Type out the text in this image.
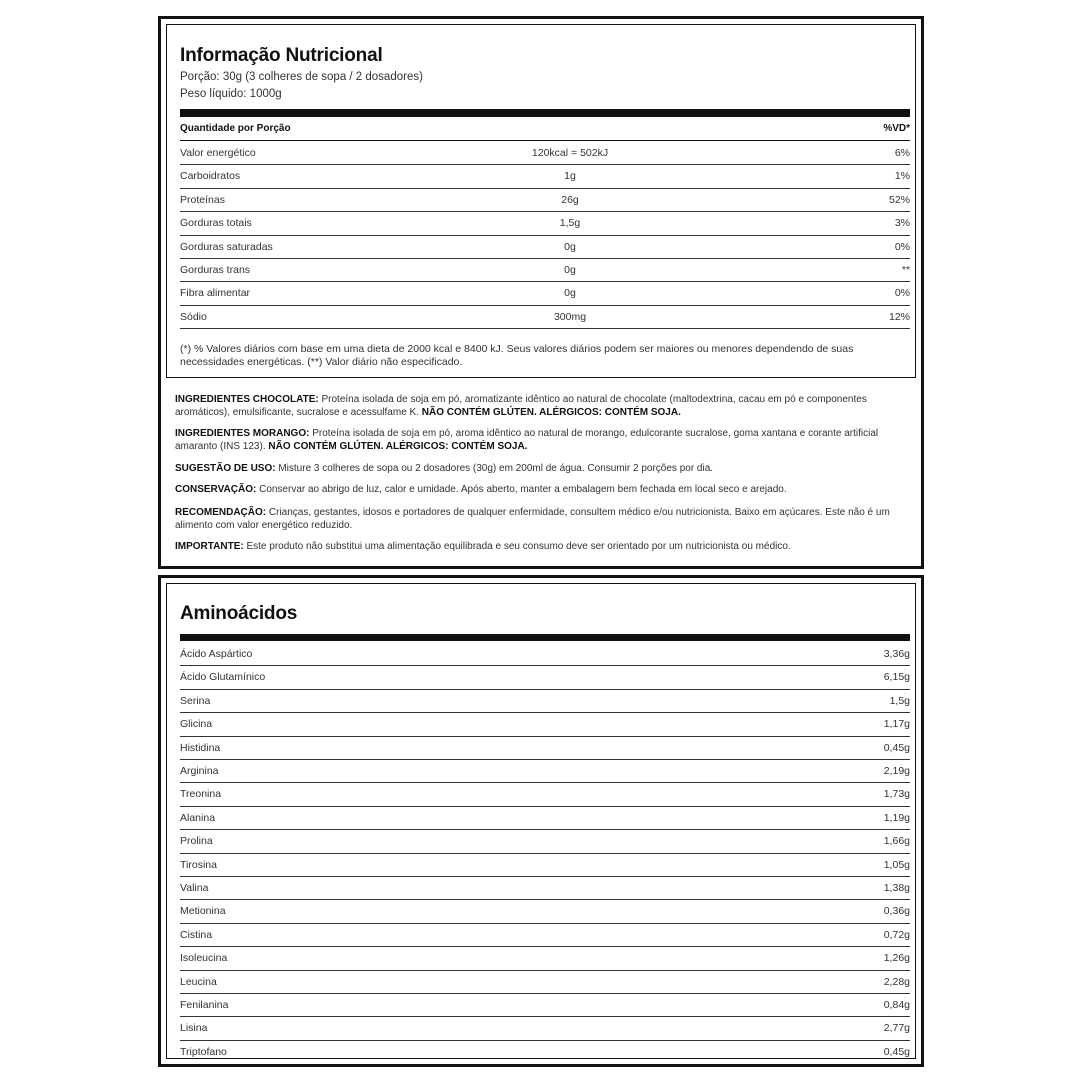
Informação Nutricional
Porção: 30g (3 colheres de sopa / 2 dosadores)
Peso líquido: 1000g
Quantidade por Porção	%VD*
Valor energético	120kcal = 502kJ	6%
Carboidratos	1g	1%
Proteínas	26g	52%
Gorduras totais	1,5g	3%
Gorduras saturadas	0g	0%
Gorduras trans	0g	**
Fibra alimentar	0g	0%
Sódio	300mg	12%
(*) % Valores diários com base em uma dieta de 2000 kcal e 8400 kJ. Seus valores diários podem ser maiores ou menores dependendo de suas necessidades energéticas. (**) Valor diário não especificado.
INGREDIENTES CHOCOLATE: Proteína isolada de soja em pó, aromatizante idêntico ao natural de chocolate (maltodextrina, cacau em pó e componentes aromáticos), emulsificante, sucralose e acessulfame K. NÃO CONTÉM GLÚTEN. ALÉRGICOS: CONTÉM SOJA.
INGREDIENTES MORANGO: Proteína isolada de soja em pó, aroma idêntico ao natural de morango, edulcorante sucralose, goma xantana e corante artificial amaranto (INS 123). NÃO CONTÉM GLÚTEN. ALÉRGICOS: CONTÉM SOJA.
SUGESTÃO DE USO: Misture 3 colheres de sopa ou 2 dosadores (30g) em 200ml de água. Consumir 2 porções por dia.
CONSERVAÇÃO: Conservar ao abrigo de luz, calor e umidade. Após aberto, manter a embalagem bem fechada em local seco e arejado.
RECOMENDAÇÃO: Crianças, gestantes, idosos e portadores de qualquer enfermidade, consultem médico e/ou nutricionista. Baixo em açúcares. Este não é um alimento com valor energético reduzido.
IMPORTANTE: Este produto não substitui uma alimentação equilibrada e seu consumo deve ser orientado por um nutricionista ou médico.
Aminoácidos
Ácido Aspártico	3,36g
Ácido Glutamínico	6,15g
Serina	1,5g
Glicina	1,17g
Histidina	0,45g
Arginina	2,19g
Treonina	1,73g
Alanina	1,19g
Prolina	1,66g
Tirosina	1,05g
Valina	1,38g
Metionina	0,36g
Cistina	0,72g
Isoleucina	1,26g
Leucina	2,28g
Fenilanina	0,84g
Lisina	2,77g
Triptofano	0,45g
